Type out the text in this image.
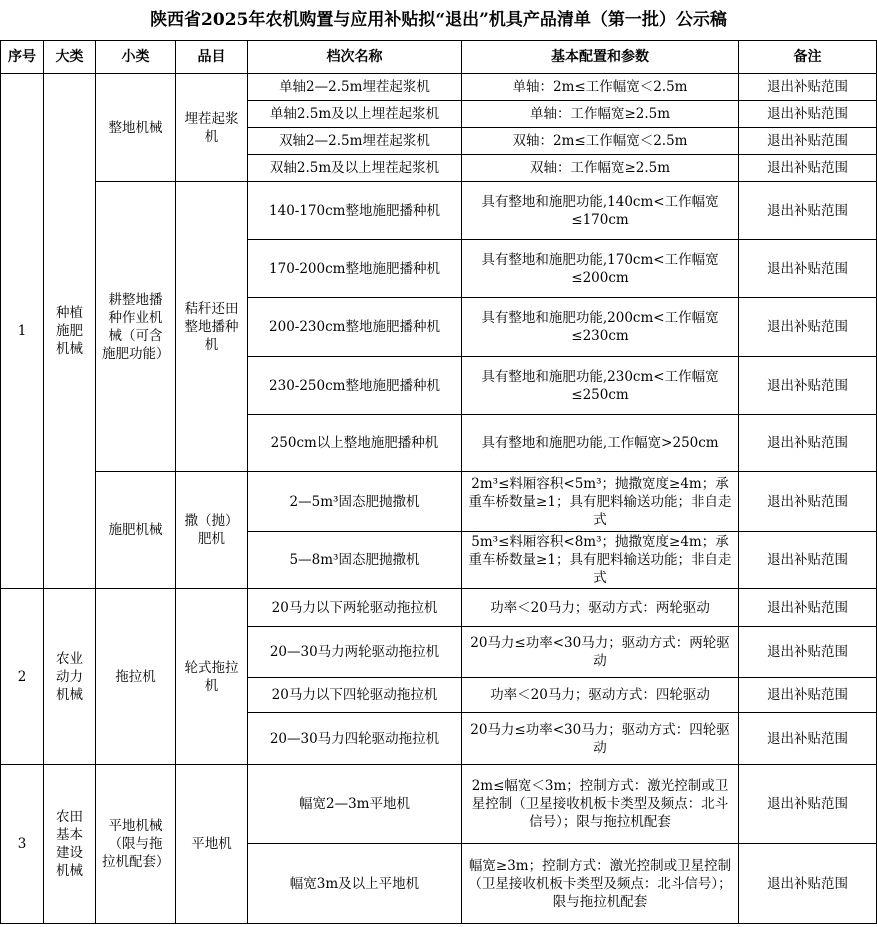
陕西省2025年农机购置与应用补贴拟“退出”机具产品清单（第一批）公示稿
序号	大类	小类	品目	档次名称	基本配置和参数	备注
1	种植施肥机械	整地机械	埋茬起浆机	单轴2—2.5m埋茬起浆机	单轴：2m≤工作幅宽＜2.5m	退出补贴范围
				单轴2.5m及以上埋茬起浆机	单轴：工作幅宽≥2.5m	退出补贴范围
				双轴2—2.5m埋茬起浆机	双轴：2m≤工作幅宽＜2.5m	退出补贴范围
				双轴2.5m及以上埋茬起浆机	双轴：工作幅宽≥2.5m	退出补贴范围
		耕整地播种作业机械（可含施肥功能）	秸秆还田整地播种机	140-170cm整地施肥播种机	具有整地和施肥功能,140cm<工作幅宽≤170cm	退出补贴范围
				170-200cm整地施肥播种机	具有整地和施肥功能,170cm<工作幅宽≤200cm	退出补贴范围
				200-230cm整地施肥播种机	具有整地和施肥功能,200cm<工作幅宽≤230cm	退出补贴范围
				230-250cm整地施肥播种机	具有整地和施肥功能,230cm<工作幅宽≤250cm	退出补贴范围
				250cm以上整地施肥播种机	具有整地和施肥功能,工作幅宽>250cm	退出补贴范围
		施肥机械	撒（抛）肥机	2—5m³固态肥抛撒机	2m³≤料厢容积<5m³；抛撒宽度≥4m；承重车桥数量≥1；具有肥料输送功能；非自走式	退出补贴范围
				5—8m³固态肥抛撒机	5m³≤料厢容积<8m³；抛撒宽度≥4m；承重车桥数量≥1；具有肥料输送功能；非自走式	退出补贴范围
2	农业动力机械	拖拉机	轮式拖拉机	20马力以下两轮驱动拖拉机	功率＜20马力；驱动方式：两轮驱动	退出补贴范围
				20—30马力两轮驱动拖拉机	20马力≤功率<30马力；驱动方式：两轮驱动	退出补贴范围
				20马力以下四轮驱动拖拉机	功率＜20马力；驱动方式：四轮驱动	退出补贴范围
				20—30马力四轮驱动拖拉机	20马力≤功率<30马力；驱动方式：四轮驱动	退出补贴范围
3	农田基本建设机械	平地机械（限与拖拉机配套）	平地机	幅宽2—3m平地机	2m≤幅宽＜3m；控制方式：激光控制或卫星控制（卫星接收机板卡类型及频点：北斗信号）；限与拖拉机配套	退出补贴范围
				幅宽3m及以上平地机	幅宽≥3m；控制方式：激光控制或卫星控制（卫星接收机板卡类型及频点：北斗信号）；限与拖拉机配套	退出补贴范围
